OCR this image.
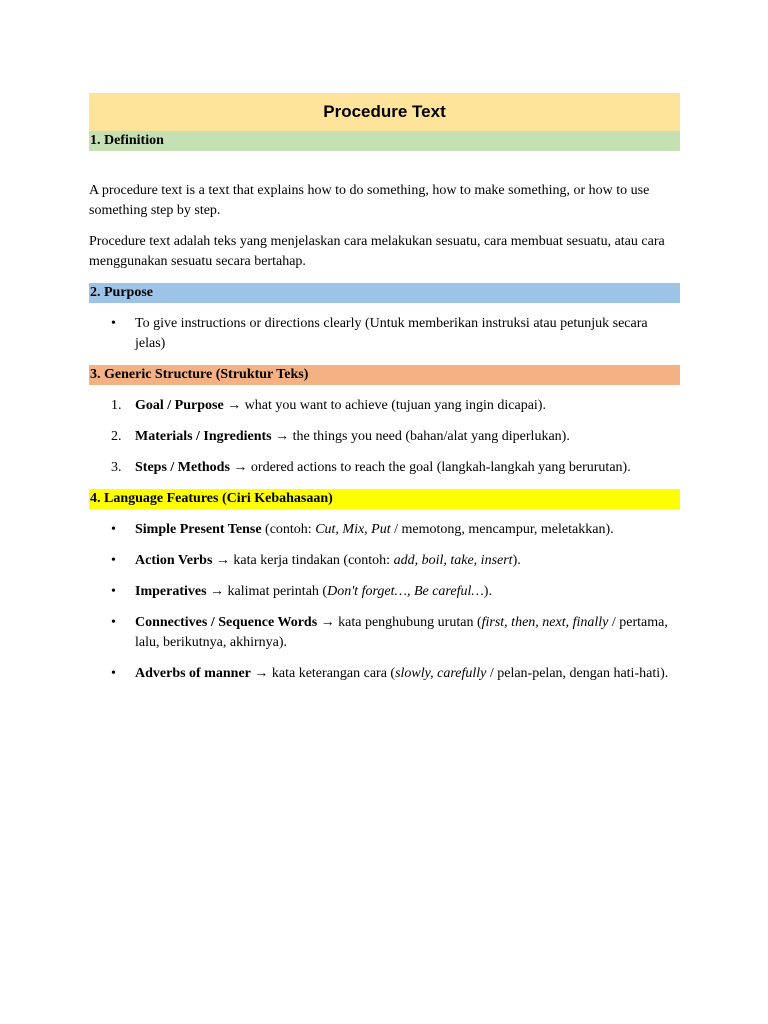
Procedure Text
1. Definition

A procedure text is a text that explains how to do something, how to make something, or how to use something step by step.

Procedure text adalah teks yang menjelaskan cara melakukan sesuatu, cara membuat sesuatu, atau cara menggunakan sesuatu secara bertahap.

2. Purpose
•	To give instructions or directions clearly (Untuk memberikan instruksi atau petunjuk secara jelas)
3. Generic Structure (Struktur Teks)
1. Goal / Purpose → what you want to achieve (tujuan yang ingin dicapai).
2. Materials / Ingredients → the things you need (bahan/alat yang diperlukan).
3. Steps / Methods → ordered actions to reach the goal (langkah-langkah yang berurutan).
4. Language Features (Ciri Kebahasaan)
•	Simple Present Tense (contoh: Cut, Mix, Put / memotong, mencampur, meletakkan).
•	Action Verbs → kata kerja tindakan (contoh: add, boil, take, insert).
•	Imperatives → kalimat perintah (Don't forget…, Be careful…).
•	Connectives / Sequence Words → kata penghubung urutan (first, then, next, finally / pertama, lalu, berikutnya, akhirnya).
•	Adverbs of manner → kata keterangan cara (slowly, carefully / pelan-pelan, dengan hati-hati).
